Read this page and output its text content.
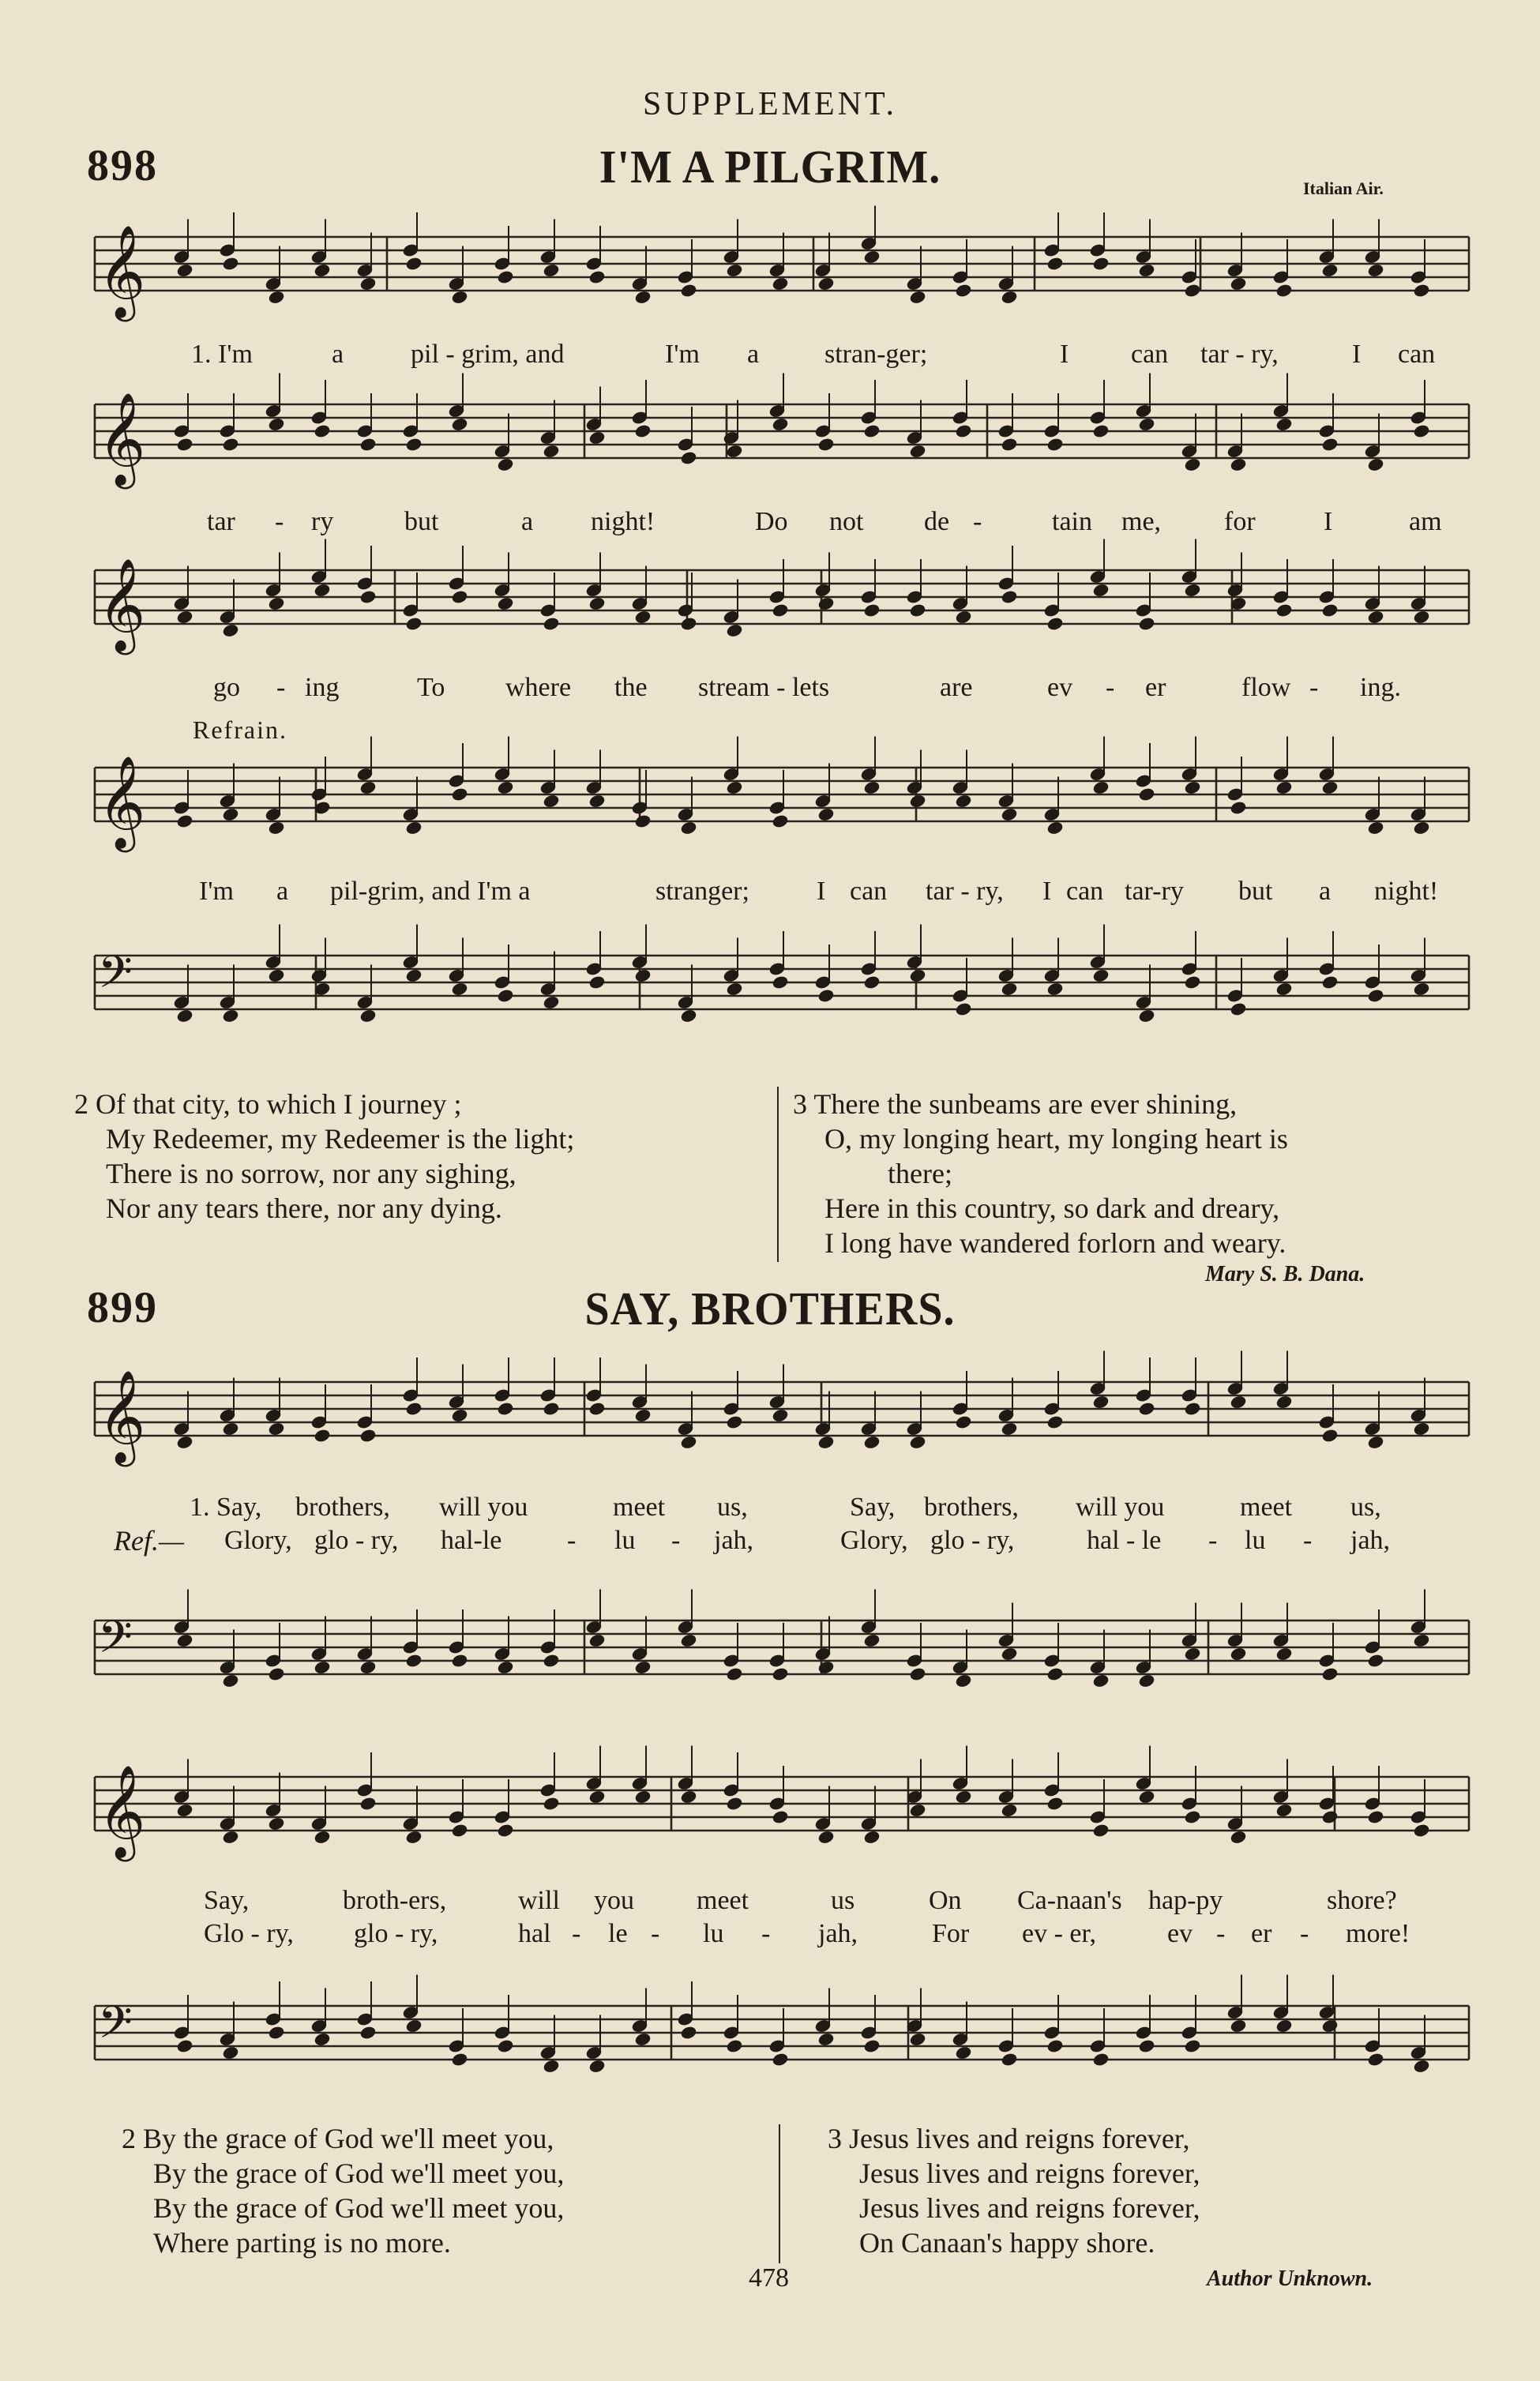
SUPPLEMENT.
898	I'M A PILGRIM.	Italian Air.
𝄞
𝄞
𝄞
𝄞
𝄢
𝄞
𝄢
𝄞
𝄢
1. I'm	a pil - grim, and	I'm a stran-ger;	I can tar - ry,	I can
tar - ry	but	a night!	Do not de -	tain me, for	I	am
go - ing	To where the stream - lets	are	ev - er	flow - ing.
Refrain.
I'm a pil-grim, and I'm a	stranger;	I can tar - ry, I can tar-ry but a night!
2 Of that city, to which I journey ;
My Redeemer, my Redeemer is the light;
There is no sorrow, nor any sighing,
Nor any tears there, nor any dying.
3 There the sunbeams are ever shining,
O, my longing heart, my longing heart is
there;
Here in this country, so dark and dreary,
I long have wandered forlorn and weary.
Mary S. B. Dana.
899	SAY, BROTHERS.
1. Say, brothers, will you	meet us,	Say, brothers, will you	meet us,
Ref.— Glory, glo - ry, hal-le - lu - jah,	Glory, glo - ry,	hal - le - lu - jah,
Say,	broth-ers,	will you meet	us	On Ca-naan's hap-py	shore?
Glo - ry, glo - ry,	hal - le - lu - jah,	For ev - er,	ev - er - more!
2 By the grace of God we'll meet you,
By the grace of God we'll meet you,
By the grace of God we'll meet you,
Where parting is no more.
3 Jesus lives and reigns forever,
Jesus lives and reigns forever,
Jesus lives and reigns forever,
On Canaan's happy shore.
478	Author Unknown.
